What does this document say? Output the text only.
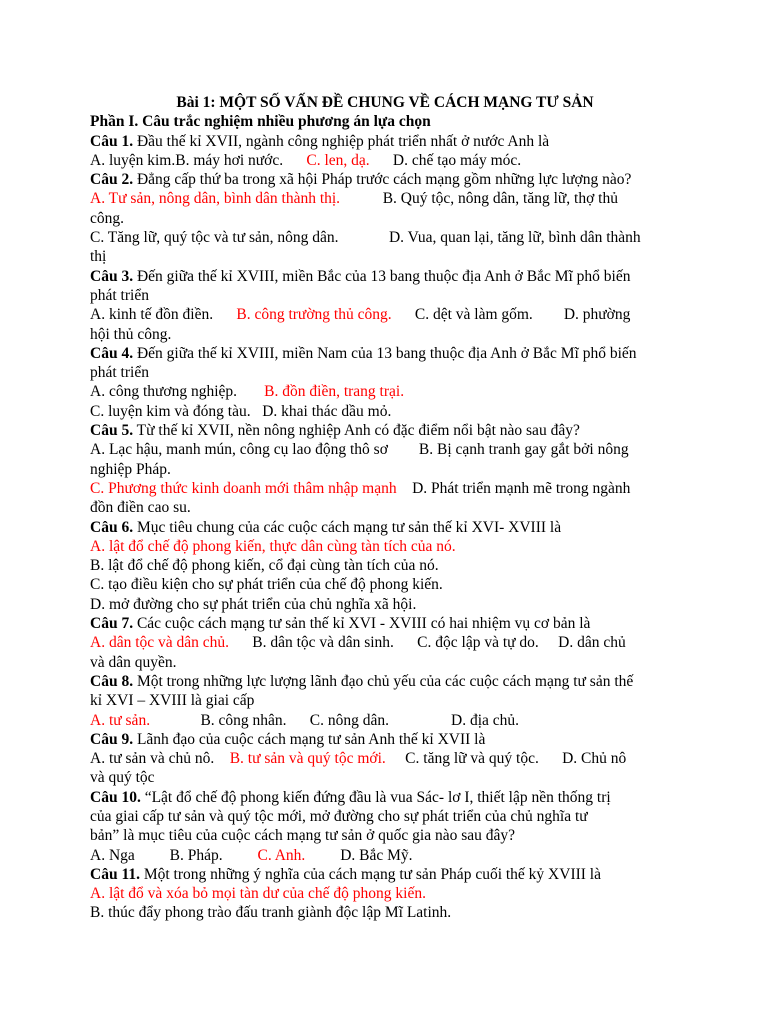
Bài 1: MỘT SỐ VẤN ĐỀ CHUNG VỀ CÁCH MẠNG TƯ SẢN
Phần I. Câu trắc nghiệm nhiều phương án lựa chọn
Câu 1. Đầu thế kỉ XVII, ngành công nghiệp phát triển nhất ở nước Anh là
A. luyện kim.B. máy hơi nước. C. len, dạ. D. chế tạo máy móc.
Câu 2. Đẳng cấp thứ ba trong xã hội Pháp trước cách mạng gồm những lực lượng nào?
A. Tư sản, nông dân, bình dân thành thị.	B. Quý tộc, nông dân, tăng lữ, thợ thủ
công.
C. Tăng lữ, quý tộc và tư sản, nông dân.	D. Vua, quan lại, tăng lữ, bình dân thành
thị
Câu 3. Đến giữa thế kỉ XVIII, miền Bắc của 13 bang thuộc địa Anh ở Bắc Mĩ phổ biến
phát triển
A. kinh tế đồn điền. B. công trường thủ công. C. dệt và làm gốm. D. phường
hội thủ công.
Câu 4. Đến giữa thế kỉ XVIII, miền Nam của 13 bang thuộc địa Anh ở Bắc Mĩ phổ biến
phát triển
A. công thương nghiệp. B. đồn điền, trang trại.
C. luyện kim và đóng tàu. D. khai thác dầu mỏ.
Câu 5. Từ thế kỉ XVII, nền nông nghiệp Anh có đặc điểm nổi bật nào sau đây?
A. Lạc hậu, manh mún, công cụ lao động thô sơ B. Bị cạnh tranh gay gắt bởi nông
nghiệp Pháp.
C. Phương thức kinh doanh mới thâm nhập mạnh D. Phát triển mạnh mẽ trong ngành
đồn điền cao su.
Câu 6. Mục tiêu chung của các cuộc cách mạng tư sản thế kỉ XVI- XVIII là
A. lật đổ chế độ phong kiến, thực dân cùng tàn tích của nó.
B. lật đổ chế độ phong kiến, cổ đại cùng tàn tích của nó.
C. tạo điều kiện cho sự phát triển của chế độ phong kiến.
D. mở đường cho sự phát triển của chủ nghĩa xã hội.
Câu 7. Các cuộc cách mạng tư sản thế kỉ XVI - XVIII có hai nhiệm vụ cơ bản là
A. dân tộc và dân chủ. B. dân tộc và dân sinh. C. độc lập và tự do. D. dân chủ
và dân quyền.
Câu 8. Một trong những lực lượng lãnh đạo chủ yếu của các cuộc cách mạng tư sản thế
kỉ XVI – XVIII là giai cấp
A. tư sản.	B. công nhân. C. nông dân.	D. địa chủ.
Câu 9. Lãnh đạo của cuộc cách mạng tư sản Anh thế kỉ XVII là
A. tư sản và chủ nô. B. tư sản và quý tộc mới. C. tăng lữ và quý tộc. D. Chủ nô
và quý tộc
Câu 10. “Lật đổ chế độ phong kiến đứng đầu là vua Sác- lơ I, thiết lập nền thống trị
của giai cấp tư sản và quý tộc mới, mở đường cho sự phát triển của chủ nghĩa tư
bản” là mục tiêu của cuộc cách mạng tư sản ở quốc gia nào sau đây?
A. Nga B. Pháp. C. Anh. D. Bắc Mỹ.
Câu 11. Một trong những ý nghĩa của cách mạng tư sản Pháp cuối thế kỷ XVIII là
A. lật đổ và xóa bỏ mọi tàn dư của chế độ phong kiến.
B. thúc đẩy phong trào đấu tranh giành độc lập Mĩ Latinh.
